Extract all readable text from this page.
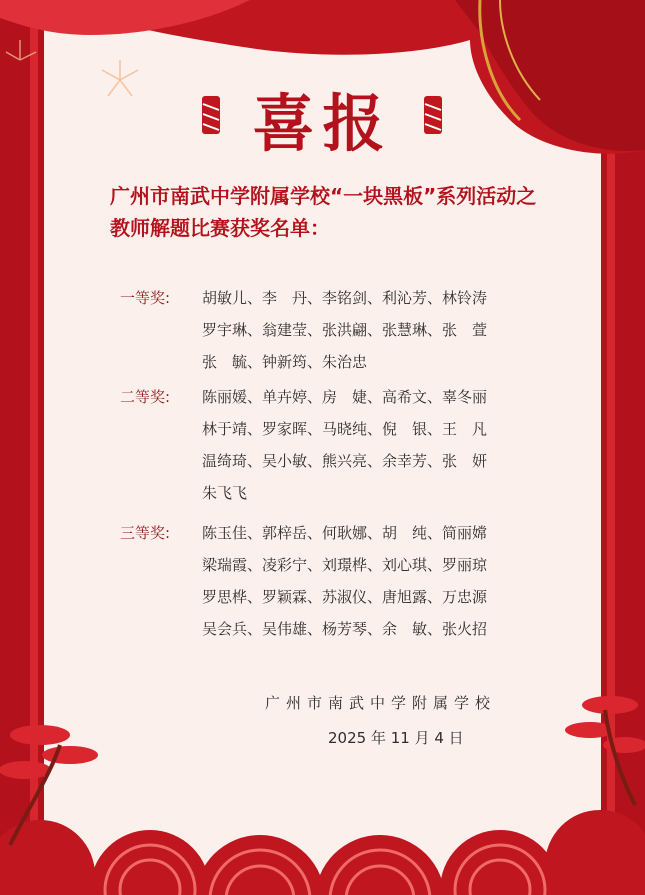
喜报
广州市南武中学附属学校“一块黑板”系列活动之教师解题比赛获奖名单：
一等奖:	胡敏儿、李　丹、李铭剑、利沁芳、林铃涛
罗宇琳、翁建莹、张洪翩、张慧琳、张　萱
张　毓、钟新筠、朱治忠
二等奖:	陈丽媛、单卉婷、房　婕、高希文、辜冬丽
林于靖、罗家晖、马晓纯、倪　银、王　凡
温绮琦、吴小敏、熊兴亮、余幸芳、张　妍
朱飞飞
三等奖:	陈玉佳、郭梓岳、何耿娜、胡　纯、简丽嫦
梁瑞霞、凌彩宁、刘璟桦、刘心琪、罗丽琼
罗思桦、罗颖霖、苏淑仪、唐旭露、万忠源
吴会兵、吴伟雄、杨芳琴、余　敏、张火招
广州市南武中学附属学校
2025 年 11 月 4 日
